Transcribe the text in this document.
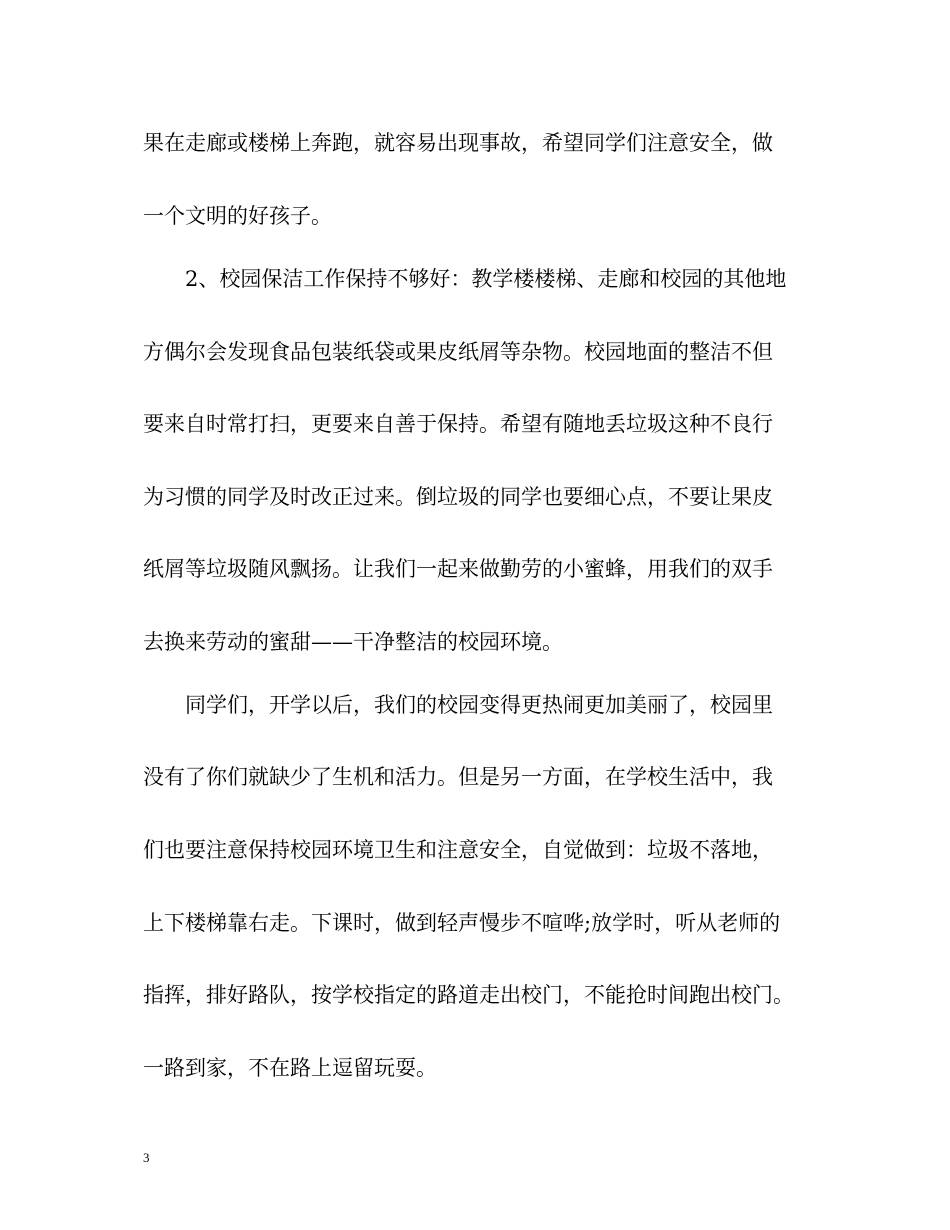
果在走廊或楼梯上奔跑，就容易出现事故，希望同学们注意安全，做
一个文明的好孩子。
2、校园保洁工作保持不够好：教学楼楼梯、走廊和校园的其他地
方偶尔会发现食品包装纸袋或果皮纸屑等杂物。校园地面的整洁不但
要来自时常打扫，更要来自善于保持。希望有随地丢垃圾这种不良行
为习惯的同学及时改正过来。倒垃圾的同学也要细心点，不要让果皮
纸屑等垃圾随风飘扬。让我们一起来做勤劳的小蜜蜂，用我们的双手
去换来劳动的蜜甜——干净整洁的校园环境。
同学们，开学以后，我们的校园变得更热闹更加美丽了，校园里
没有了你们就缺少了生机和活力。但是另一方面，在学校生活中，我
们也要注意保持校园环境卫生和注意安全，自觉做到：垃圾不落地，
上下楼梯靠右走。下课时，做到轻声慢步不喧哗;放学时，听从老师的
指挥，排好路队，按学校指定的路道走出校门，不能抢时间跑出校门。
一路到家，不在路上逗留玩耍。
3
